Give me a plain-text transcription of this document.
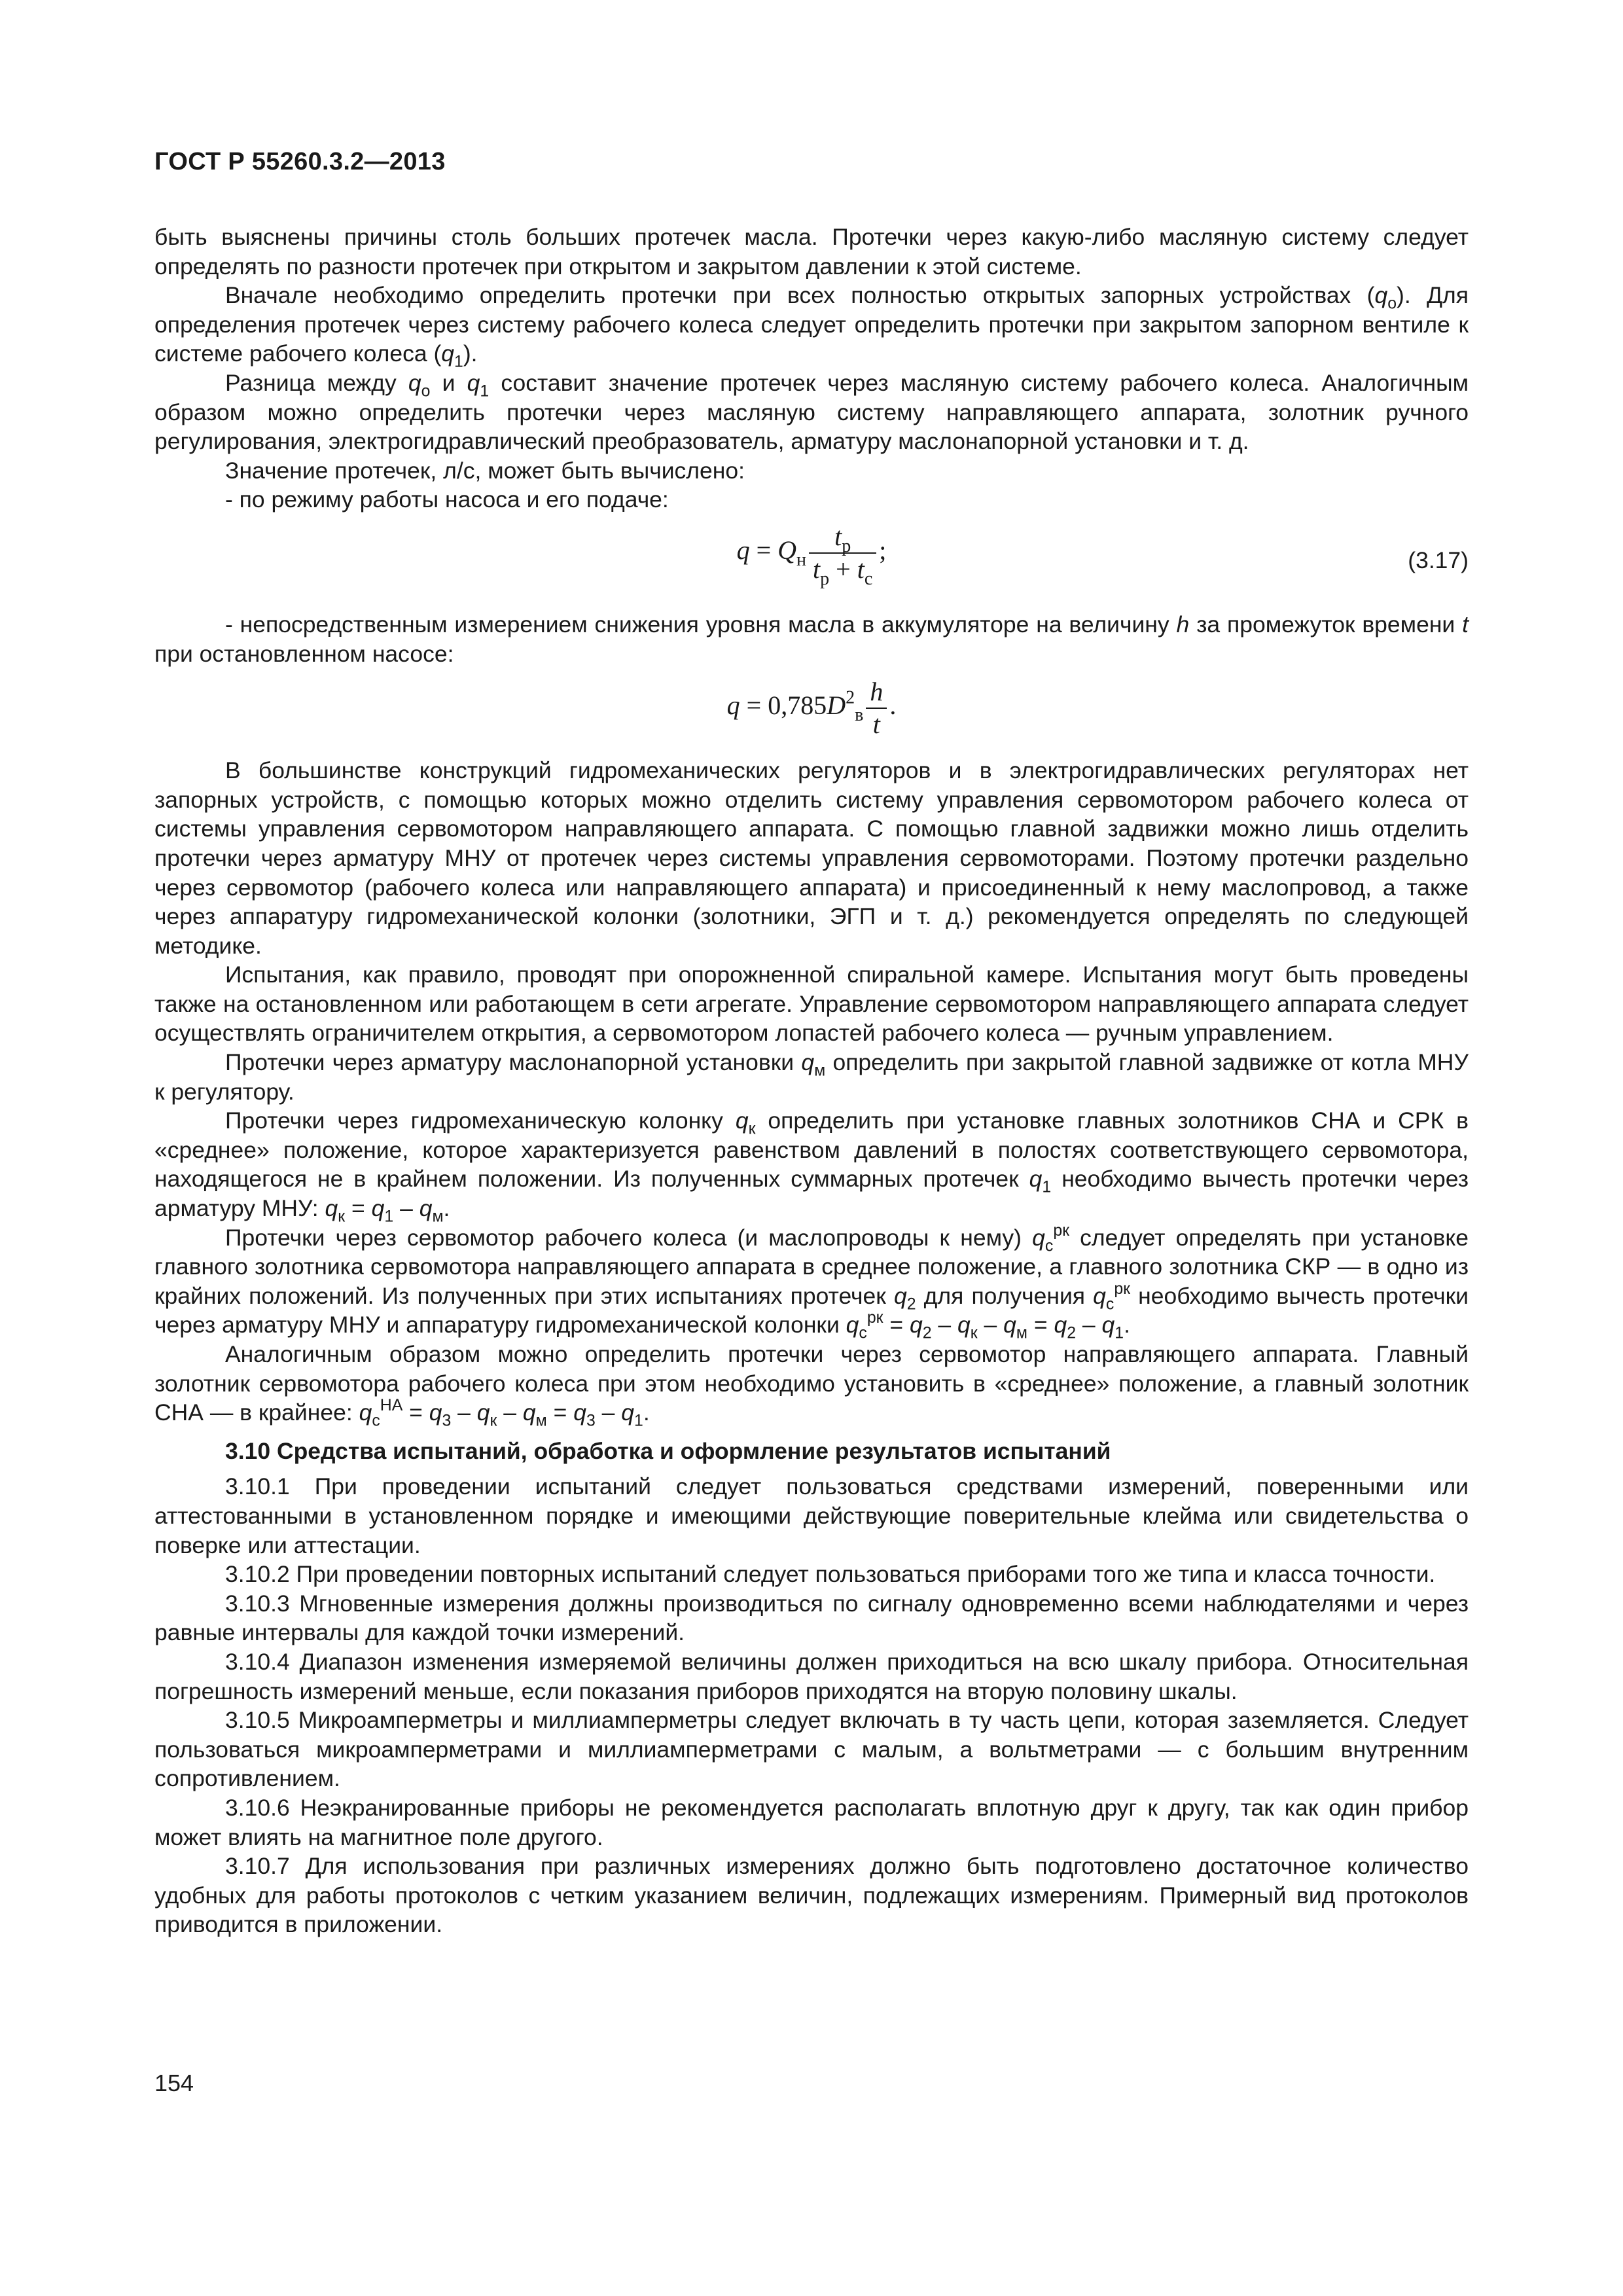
ГОСТ Р 55260.3.2—2013

быть выяснены причины столь больших протечек масла. Протечки через какую-либо масляную систему следует определять по разности протечек при открытом и закрытом давлении к этой системе.

Вначале необходимо определить протечки при всех полностью открытых запорных устройствах $(q_о)$. Для определения протечек через систему рабочего колеса следует определить протечки при закрытом запорном вентиле к системе рабочего колеса $(q_1)$.

Разница между $q_о$ и $q_1$ составит значение протечек через масляную систему рабочего колеса. Аналогичным образом можно определить протечки через масляную систему направляющего аппарата, золотник ручного регулирования, электрогидравлический преобразователь, арматуру маслонапорной установки и т. д.

Значение протечек, л/с, может быть вычислено:

- по режиму работы насоса и его подаче:

$q = Q_н \frac{t_р}{t_р + t_с}$ ;	(3.17)

- непосредственным измерением снижения уровня масла в аккумуляторе на величину h за промежуток времени t при остановленном насосе:

$q = 0,785D^2_в \frac{h}{t}$ .

В большинстве конструкций гидромеханических регуляторов и в электрогидравлических регуляторах нет запорных устройств, с помощью которых можно отделить систему управления сервомотором рабочего колеса от системы управления сервомотором направляющего аппарата. С помощью главной задвижки можно лишь отделить протечки через арматуру МНУ от протечек через системы управления сервомоторами. Поэтому протечки раздельно через сервомотор (рабочего колеса или направляющего аппарата) и присоединенный к нему маслопровод, а также через аппаратуру гидромеханической колонки (золотники, ЭГП и т. д.) рекомендуется определять по следующей методике.

Испытания, как правило, проводят при опорожненной спиральной камере. Испытания могут быть проведены также на остановленном или работающем в сети агрегате. Управление сервомотором направляющего аппарата следует осуществлять ограничителем открытия, а сервомотором лопастей рабочего колеса — ручным управлением.

Протечки через арматуру маслонапорной установки $q_м$ определить при закрытой главной задвижке от котла МНУ к регулятору.

Протечки через гидромеханическую колонку $q_к$ определить при установке главных золотников СНА и СРК в «среднее» положение, которое характеризуется равенством давлений в полостях соответствующего сервомотора, находящегося не в крайнем положении. Из полученных суммарных протечек $q_1$ необходимо вычесть протечки через арматуру МНУ: $q_к = q_1 - q_м$.

Протечки через сервомотор рабочего колеса (и маслопроводы к нему) $q_с^{рк}$ следует определять при установке главного золотника сервомотора направляющего аппарата в среднее положение, а главного золотника СКР — в одно из крайних положений. Из полученных при этих испытаниях протечек $q_2$ для получения $q_с^{рк}$ необходимо вычесть протечки через арматуру МНУ и аппаратуру гидромеханической колонки $q_с^{рк} = q_2 - q_к - q_м = q_2 - q_1$.

Аналогичным образом можно определить протечки через сервомотор направляющего аппарата. Главный золотник сервомотора рабочего колеса при этом необходимо установить в «среднее» положение, а главный золотник СНА — в крайнее: $q_с^{НА} = q_3 - q_к - q_м = q_3 - q_1$.

3.10 Средства испытаний, обработка и оформление результатов испытаний

3.10.1 При проведении испытаний следует пользоваться средствами измерений, поверенными или аттестованными в установленном порядке и имеющими действующие поверительные клейма или свидетельства о поверке или аттестации.

3.10.2 При проведении повторных испытаний следует пользоваться приборами того же типа и класса точности.

3.10.3 Мгновенные измерения должны производиться по сигналу одновременно всеми наблюдателями и через равные интервалы для каждой точки измерений.

3.10.4 Диапазон изменения измеряемой величины должен приходиться на всю шкалу прибора. Относительная погрешность измерений меньше, если показания приборов приходятся на вторую половину шкалы.

3.10.5 Микроамперметры и миллиамперметры следует включать в ту часть цепи, которая заземляется. Следует пользоваться микроамперметрами и миллиамперметрами с малым, а вольтметрами — с большим внутренним сопротивлением.

3.10.6 Неэкранированные приборы не рекомендуется располагать вплотную друг к другу, так как один прибор может влиять на магнитное поле другого.

3.10.7 Для использования при различных измерениях должно быть подготовлено достаточное количество удобных для работы протоколов с четким указанием величин, подлежащих измерениям. Примерный вид протоколов приводится в приложении.

154
